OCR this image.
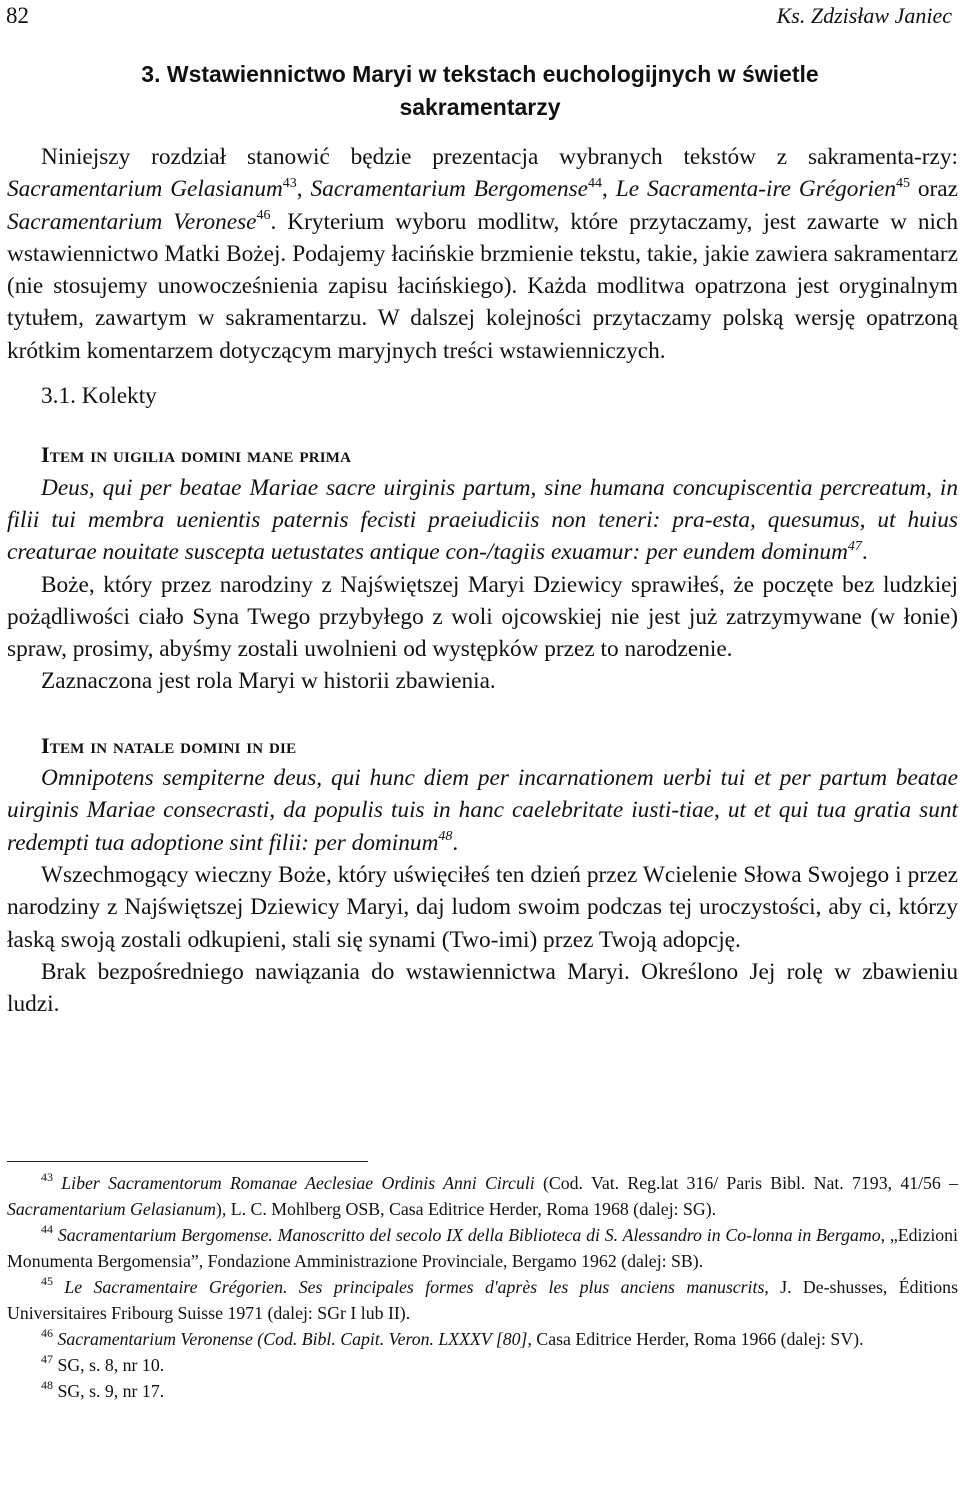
82	Ks. Zdzisław Janiec
3. Wstawiennictwo Maryi w tekstach euchologijnych w świetle sakramentarzy

Niniejszy rozdział stanowić będzie prezentacja wybranych tekstów z sakramenta-rzy: Sacramentarium Gelasianum$^{43}$, Sacramentarium Bergomense$^{44}$, Le Sacramenta-ire Grégorien$^{45}$ oraz Sacramentarium Veronese$^{46}$. Kryterium wyboru modlitw, które przytaczamy, jest zawarte w nich wstawiennictwo Matki Bożej. Podajemy łacińskie brzmienie tekstu, takie, jakie zawiera sakramentarz (nie stosujemy unowocześnienia zapisu łacińskiego). Każda modlitwa opatrzona jest oryginalnym tytułem, zawartym w sakramentarzu. W dalszej kolejności przytaczamy polską wersję opatrzoną krótkim komentarzem dotyczącym maryjnych treści wstawienniczych.

3.1. Kolekty

Item in uigilia domini mane prima

Deus, qui per beatae Mariae sacre uirginis partum, sine humana concupiscentia percreatum, in filii tui membra uenientis paternis fecisti praeiudiciis non teneri: pra-esta, quesumus, ut huius creaturae nouitate suscepta uetustates antique con-/tagiis exuamur: per eundem dominum$^{47}$.

Boże, który przez narodziny z Najświętszej Maryi Dziewicy sprawiłeś, że poczęte bez ludzkiej pożądliwości ciało Syna Twego przybyłego z woli ojcowskiej nie jest już zatrzymywane (w łonie) spraw, prosimy, abyśmy zostali uwolnieni od występków przez to narodzenie.

Zaznaczona jest rola Maryi w historii zbawienia.

Item in natale domini in die

Omnipotens sempiterne deus, qui hunc diem per incarnationem uerbi tui et per partum beatae uirginis Mariae consecrasti, da populis tuis in hanc caelebritate iusti-tiae, ut et qui tua gratia sunt redempti tua adoptione sint filii: per dominum$^{48}$.

Wszechmogący wieczny Boże, który uświęciłeś ten dzień przez Wcielenie Słowa Swojego i przez narodziny z Najświętszej Dziewicy Maryi, daj ludom swoim podczas tej uroczystości, aby ci, którzy łaską swoją zostali odkupieni, stali się synami (Two-imi) przez Twoją adopcję.

Brak bezpośredniego nawiązania do wstawiennictwa Maryi. Określono Jej rolę w zbawieniu ludzi.

$^{43}$ Liber Sacramentorum Romanae Aeclesiae Ordinis Anni Circuli (Cod. Vat. Reg.lat 316/ Paris Bibl. Nat. 7193, 41/56 – Sacramentarium Gelasianum), L. C. Mohlberg OSB, Casa Editrice Herder, Roma 1968 (dalej: SG).

$^{44}$ Sacramentarium Bergomense. Manoscritto del secolo IX della Biblioteca di S. Alessandro in Co-lonna in Bergamo, „Edizioni Monumenta Bergomensia”, Fondazione Amministrazione Provinciale, Bergamo 1962 (dalej: SB).

$^{45}$ Le Sacramentaire Grégorien. Ses principales formes d'après les plus anciens manuscrits, J. De-shusses, Éditions Universitaires Fribourg Suisse 1971 (dalej: SGr I lub II).

$^{46}$ Sacramentarium Veronense (Cod. Bibl. Capit. Veron. LXXXV [80], Casa Editrice Herder, Roma 1966 (dalej: SV).

$^{47}$ SG, s. 8, nr 10.

$^{48}$ SG, s. 9, nr 17.
